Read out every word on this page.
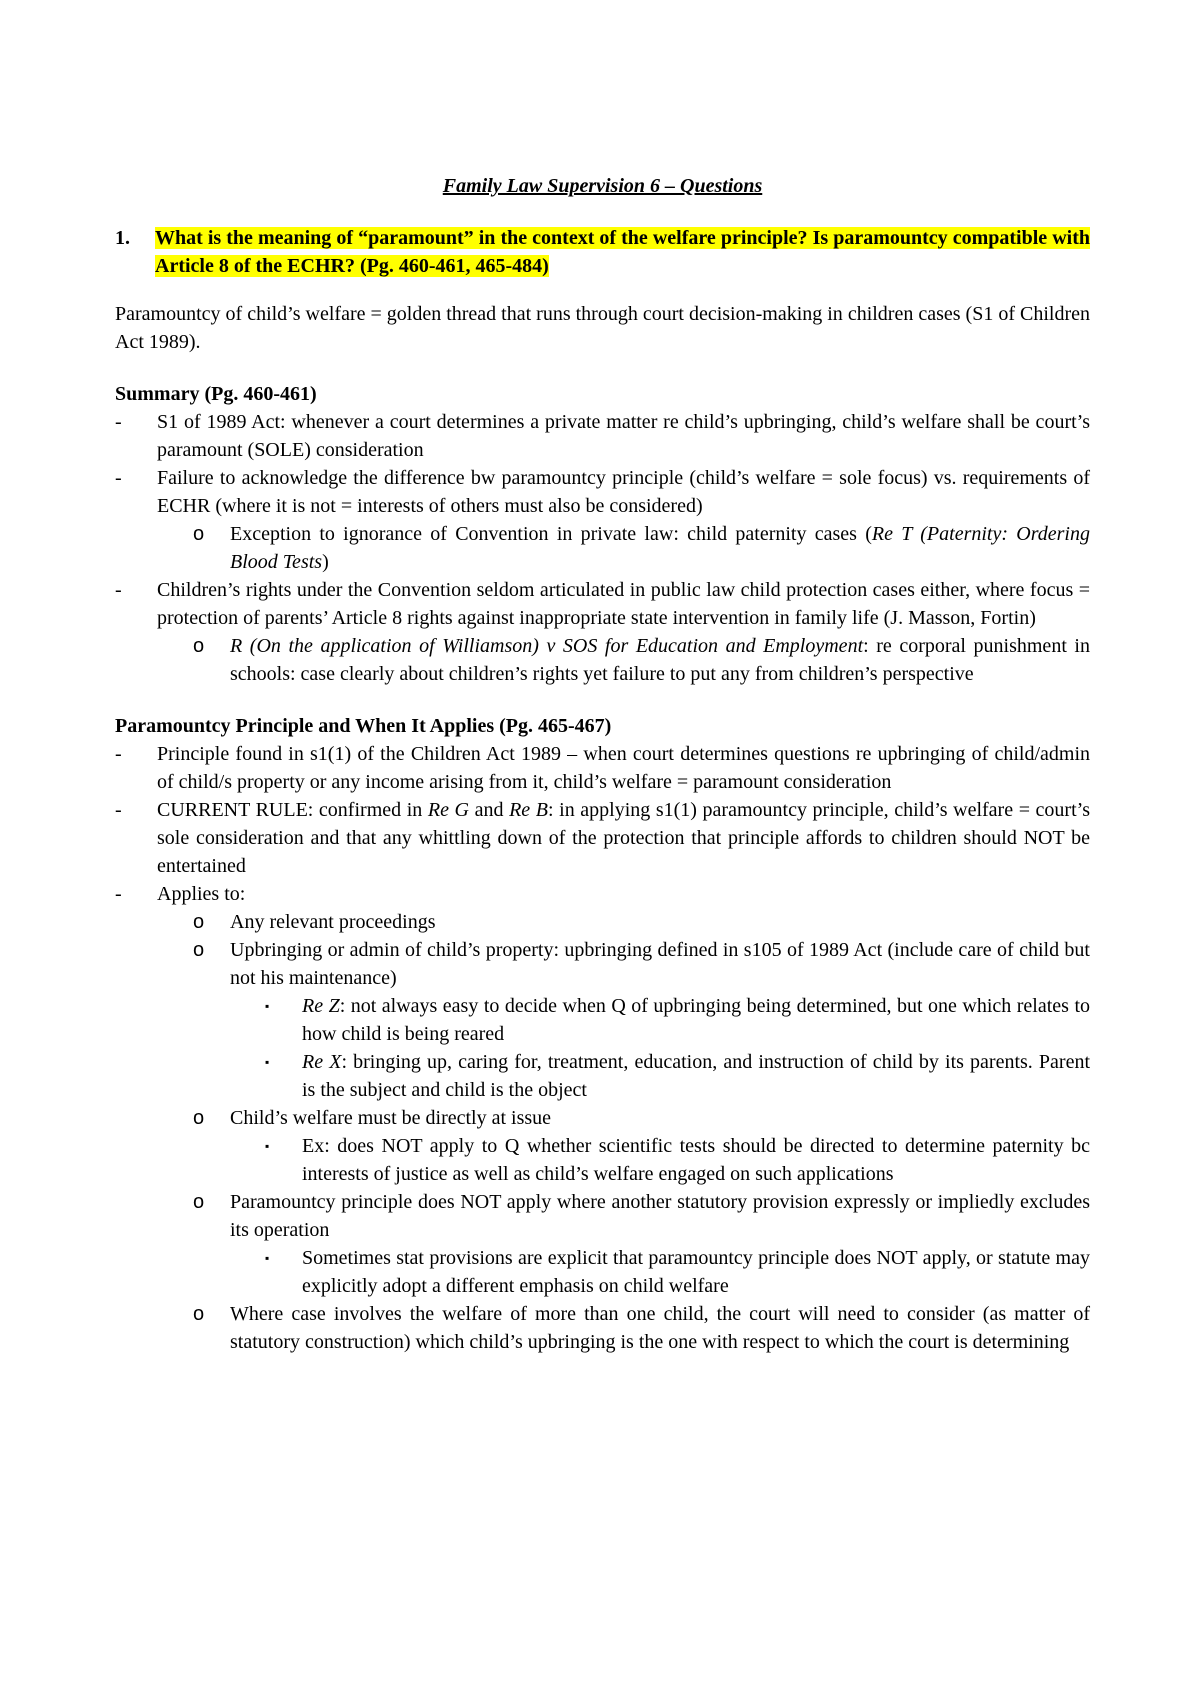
Family Law Supervision 6 – Questions
1. What is the meaning of “paramount” in the context of the welfare principle? Is paramountcy compatible with Article 8 of the ECHR? (Pg. 460-461, 465-484)
Paramountcy of child’s welfare = golden thread that runs through court decision-making in children cases (S1 of Children Act 1989).
Summary (Pg. 460-461)
- S1 of 1989 Act: whenever a court determines a private matter re child’s upbringing, child’s welfare shall be court’s paramount (SOLE) consideration
- Failure to acknowledge the difference bw paramountcy principle (child’s welfare = sole focus) vs. requirements of ECHR (where it is not = interests of others must also be considered)
o Exception to ignorance of Convention in private law: child paternity cases (Re T (Paternity: Ordering Blood Tests)
- Children’s rights under the Convention seldom articulated in public law child protection cases either, where focus = protection of parents’ Article 8 rights against inappropriate state intervention in family life (J. Masson, Fortin)
o R (On the application of Williamson) v SOS for Education and Employment: re corporal punishment in schools: case clearly about children’s rights yet failure to put any from children’s perspective
Paramountcy Principle and When It Applies (Pg. 465-467)
- Principle found in s1(1) of the Children Act 1989 – when court determines questions re upbringing of child/admin of child/s property or any income arising from it, child’s welfare = paramount consideration
- CURRENT RULE: confirmed in Re G and Re B: in applying s1(1) paramountcy principle, child’s welfare = court’s sole consideration and that any whittling down of the protection that principle affords to children should NOT be entertained
- Applies to:
o Any relevant proceedings
o Upbringing or admin of child’s property: upbringing defined in s105 of 1989 Act (include care of child but not his maintenance)
▪ Re Z: not always easy to decide when Q of upbringing being determined, but one which relates to how child is being reared
▪ Re X: bringing up, caring for, treatment, education, and instruction of child by its parents. Parent is the subject and child is the object
o Child’s welfare must be directly at issue
▪ Ex: does NOT apply to Q whether scientific tests should be directed to determine paternity bc interests of justice as well as child’s welfare engaged on such applications
o Paramountcy principle does NOT apply where another statutory provision expressly or impliedly excludes its operation
▪ Sometimes stat provisions are explicit that paramountcy principle does NOT apply, or statute may explicitly adopt a different emphasis on child welfare
o Where case involves the welfare of more than one child, the court will need to consider (as matter of statutory construction) which child’s upbringing is the one with respect to which the court is determining
